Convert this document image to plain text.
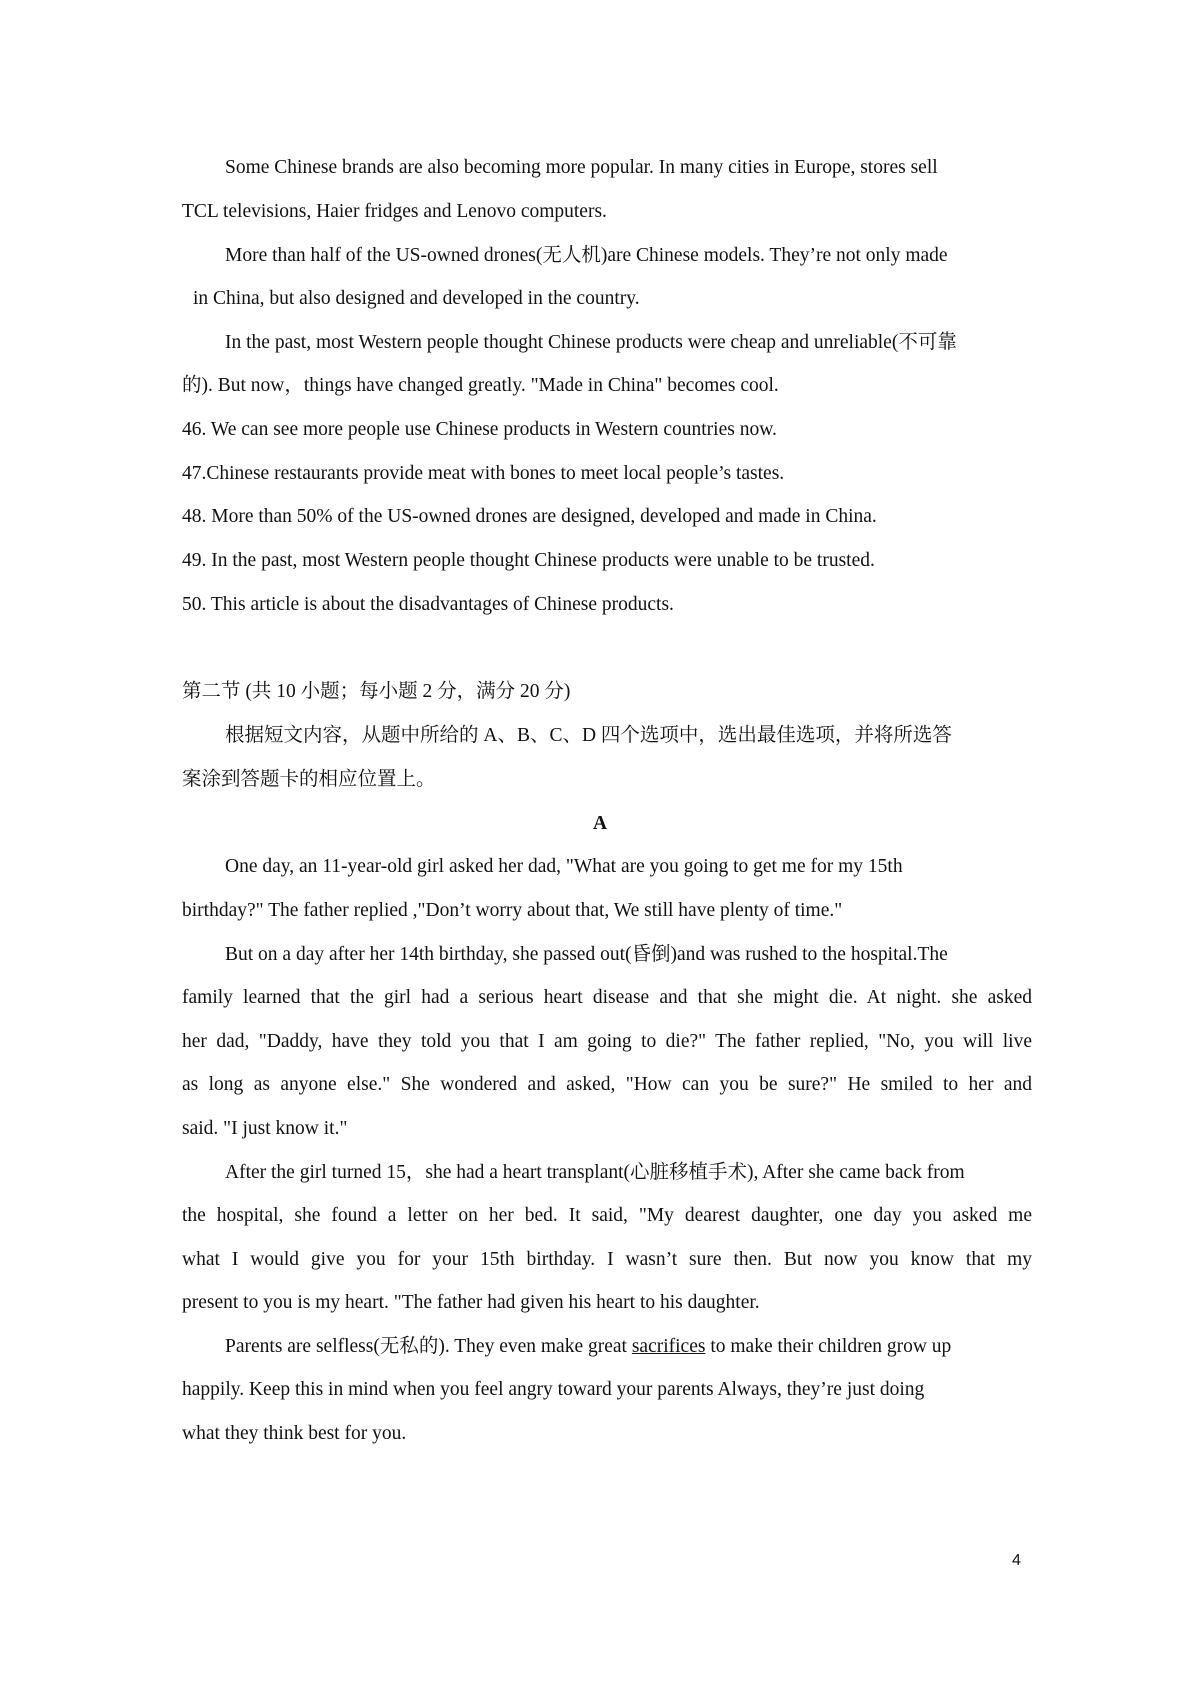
Some Chinese brands are also becoming more popular. In many cities in Europe, stores sell

TCL televisions, Haier fridges and Lenovo computers.

More than half of the US-owned drones(无人机)are Chinese models. They’re not only made

in China, but also designed and developed in the country.

In the past, most Western people thought Chinese products were cheap and unreliable(不可靠

的). But now，things have changed greatly. "Made in China" becomes cool.

46. We can see more people use Chinese products in Western countries now.

47.Chinese restaurants provide meat with bones to meet local people’s tastes.

48. More than 50% of the US-owned drones are designed, developed and made in China.

49. In the past, most Western people thought Chinese products were unable to be trusted.

50. This article is about the disadvantages of Chinese products.

第二节 (共 10 小题；每小题 2 分，满分 20 分)

根据短文内容，从题中所给的 A、B、C、D 四个选项中，选出最佳选项，并将所选答

案涂到答题卡的相应位置上。

A

One day, an 11-year-old girl asked her dad, "What are you going to get me for my 15th

birthday?" The father replied ,"Don’t worry about that, We still have plenty of time."

But on a day after her 14th birthday, she passed out(昏倒)and was rushed to the hospital.The

family learned that the girl had a serious heart disease and that she might die. At night. she asked

her dad, "Daddy, have they told you that I am going to die?" The father replied, "No, you will live

as long as anyone else." She wondered and asked, "How can you be sure?" He smiled to her and

said. "I just know it."

After the girl turned 15，she had a heart transplant(心脏移植手术), After she came back from

the hospital, she found a letter on her bed. It said, "My dearest daughter, one day you asked me

what I would give you for your 15th birthday. I wasn’t sure then. But now you know that my

present to you is my heart. "The father had given his heart to his daughter.

Parents are selfless(无私的). They even make great sacrifices to make their children grow up

happily. Keep this in mind when you feel angry toward your parents Always, they’re just doing

what they think best for you.

4
